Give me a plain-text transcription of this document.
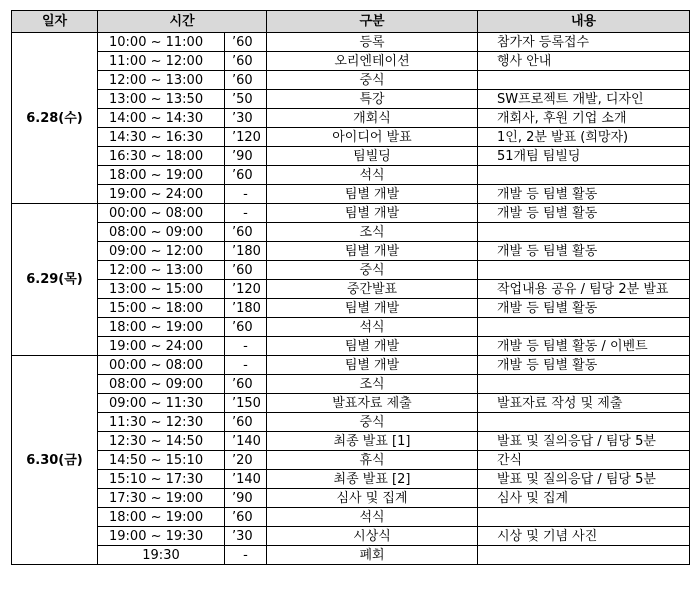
일자	시간		구분	내용
6.28(수)	10:00 ~ 11:00	’60	등록	참가자 등록접수
	11:00 ~ 12:00	’60	오리엔테이션	행사 안내
	12:00 ~ 13:00	’60	중식	
	13:00 ~ 13:50	’50	특강	SW프로젝트 개발, 디자인
	14:00 ~ 14:30	’30	개회식	개회사, 후원 기업 소개
	14:30 ~ 16:30	’120	아이디어 발표	1인, 2분 발표 (희망자)
	16:30 ~ 18:00	’90	팀빌딩	51개팀 팀빌딩
	18:00 ~ 19:00	’60	석식	
	19:00 ~ 24:00	-	팀별 개발	개발 등 팀별 활동
6.29(목)	00:00 ~ 08:00	-	팀별 개발	개발 등 팀별 활동
	08:00 ~ 09:00	’60	조식	
	09:00 ~ 12:00	’180	팀별 개발	개발 등 팀별 활동
	12:00 ~ 13:00	’60	중식	
	13:00 ~ 15:00	’120	중간발표	작업내용 공유 / 팀당 2분 발표
	15:00 ~ 18:00	’180	팀별 개발	개발 등 팀별 활동
	18:00 ~ 19:00	’60	석식	
	19:00 ~ 24:00	-	팀별 개발	개발 등 팀별 활동 / 이벤트
6.30(금)	00:00 ~ 08:00	-	팀별 개발	개발 등 팀별 활동
	08:00 ~ 09:00	’60	조식	
	09:00 ~ 11:30	’150	발표자료 제출	발표자료 작성 및 제출
	11:30 ~ 12:30	’60	중식	
	12:30 ~ 14:50	’140	최종 발표 [1]	발표 및 질의응답 / 팀당 5분
	14:50 ~ 15:10	’20	휴식	간식
	15:10 ~ 17:30	’140	최종 발표 [2]	발표 및 질의응답 / 팀당 5분
	17:30 ~ 19:00	’90	심사 및 집계	심사 및 집계
	18:00 ~ 19:00	’60	석식	
	19:00 ~ 19:30	’30	시상식	시상 및 기념 사진
	19:30	-	폐회	
